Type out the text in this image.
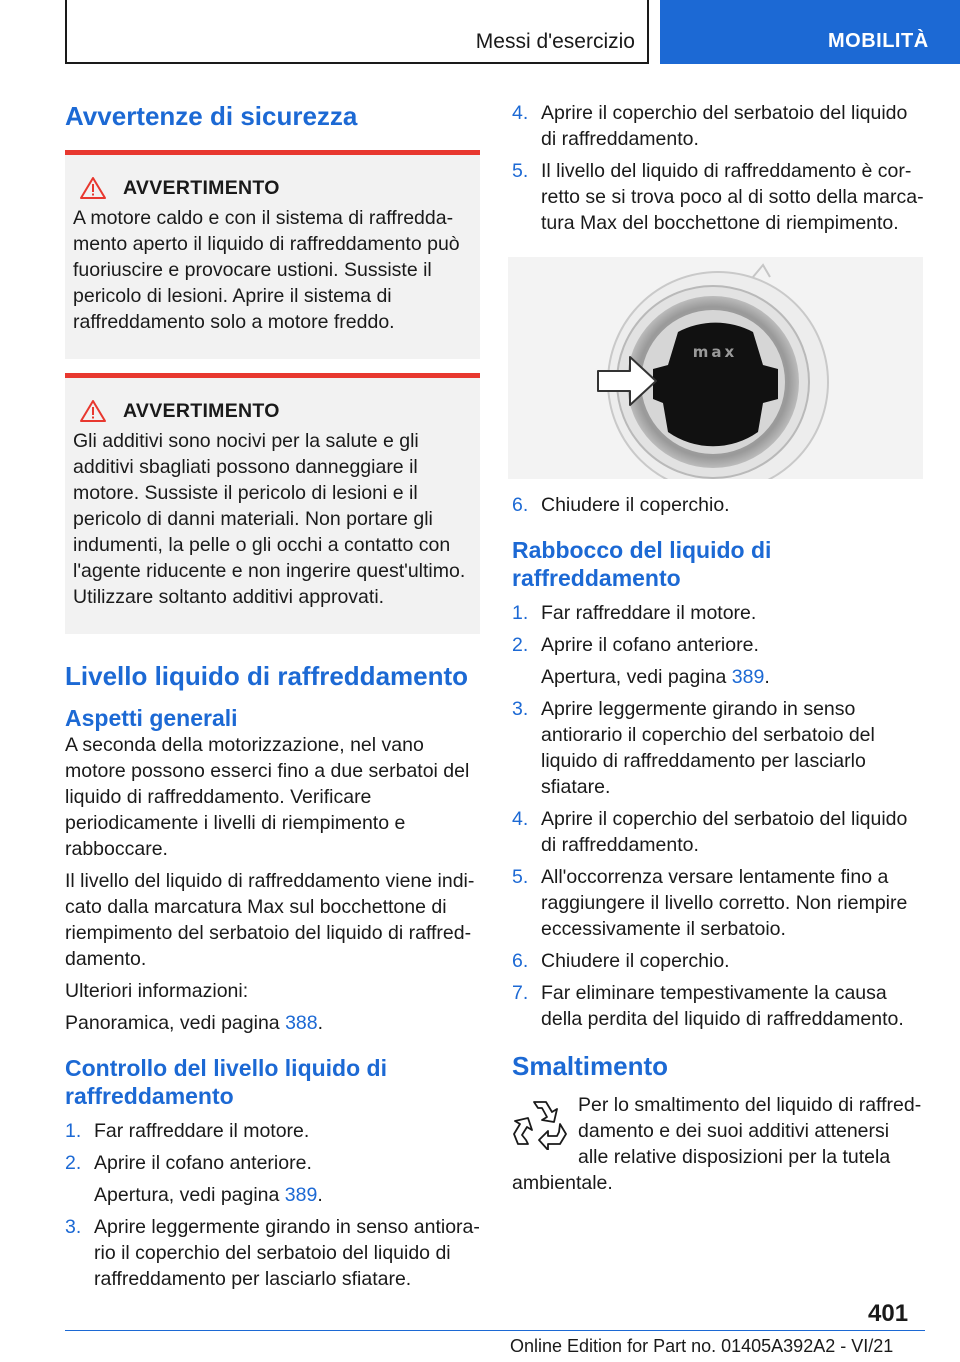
Messi d'esercizio	MOBILITÀ
Avvertenze di sicurezza
AVVERTIMENTO

A motore caldo e con il sistema di raffreddamento aperto il liquido di raffreddamento può fuoriuscire e provocare ustioni. Sussiste il pericolo di lesioni. Aprire il sistema di raffreddamento solo a motore freddo.

AVVERTIMENTO

Gli additivi sono nocivi per la salute e gli additivi sbagliati possono danneggiare il motore. Sussiste il pericolo di lesioni e il pericolo di danni materiali. Non portare gli indumenti, la pelle o gli occhi a contatto con l'agente riducente e non ingerire quest'ultimo. Utilizzare soltanto additivi approvati.

Livello liquido di raffreddamento
Aspetti generali

A seconda della motorizzazione, nel vano motore possono esserci fino a due serbatoi del liquido di raffreddamento. Verificare periodicamente i livelli di riempimento e rabboccare.

Il livello del liquido di raffreddamento viene indicato dalla marcatura Max sul bocchettone di riempimento del serbatoio del liquido di raffreddamento.

Ulteriori informazioni:

Panoramica, vedi pagina 388.

Controllo del livello liquido di raffreddamento
1. Far raffreddare il motore.
2. Aprire il cofano anteriore.
Apertura, vedi pagina 389.
3. Aprire leggermente girando in senso antiorario il coperchio del serbatoio del liquido di raffreddamento per lasciarlo sfiatare.
4. Aprire il coperchio del serbatoio del liquido di raffreddamento.
5. Il livello del liquido di raffreddamento è corretto se si trova poco al di sotto della marcatura Max del bocchettone di riempimento.
max
6. Chiudere il coperchio.
Rabbocco del liquido di raffreddamento
1. Far raffreddare il motore.
2. Aprire il cofano anteriore.
Apertura, vedi pagina 389.
3. Aprire leggermente girando in senso antiorario il coperchio del serbatoio del liquido di raffreddamento per lasciarlo sfiatare.
4. Aprire il coperchio del serbatoio del liquido di raffreddamento.
5. All'occorrenza versare lentamente fino a raggiungere il livello corretto. Non riempire eccessivamente il serbatoio.
6. Chiudere il coperchio.
7. Far eliminare tempestivamente la causa della perdita del liquido di raffreddamento.
Smaltimento

Per lo smaltimento del liquido di raffreddamento e dei suoi additivi attenersi alle relative disposizioni per la tutela ambientale.

401
Online Edition for Part no. 01405A392A2 - VI/21
